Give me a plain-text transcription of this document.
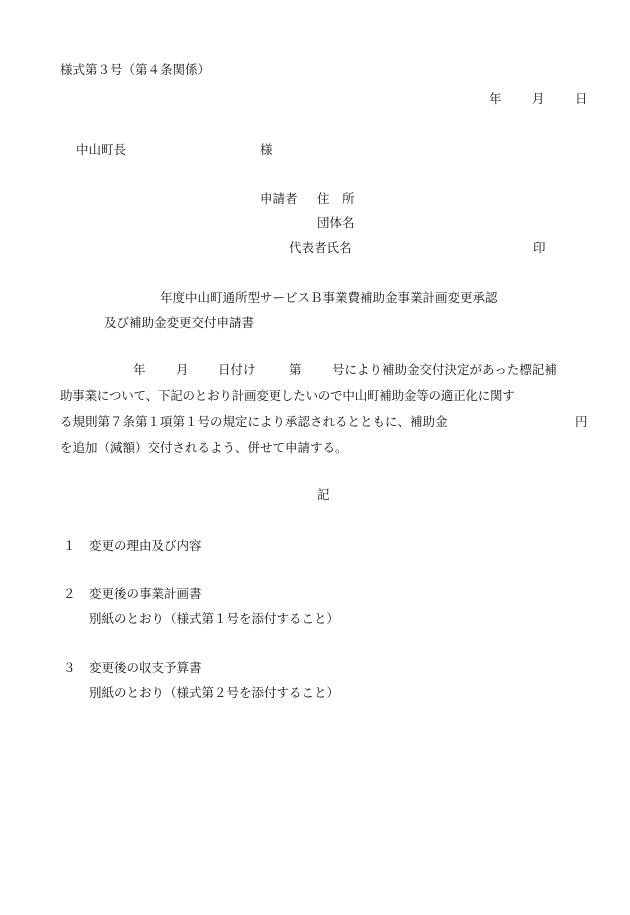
様式第３号（第４条関係）
年 月 日
中山町長	様
申請者 住　所
団体名
代表者氏名	印
年度中山町通所型サービスＢ事業費補助金事業計画変更承認
及び補助金変更交付申請書
年 月 日付け	第 号により補助金交付決定があった標記補
助事業について、下記のとおり計画変更したいので中山町補助金等の適正化に関す
る規則第７条第１項第１号の規定により承認されるとともに、補助金	円
を追加（減額）交付されるよう、併せて申請する。
記
１ 変更の理由及び内容
２ 変更後の事業計画書
別紙のとおり（様式第１号を添付すること）
３ 変更後の収支予算書
別紙のとおり（様式第２号を添付すること）
